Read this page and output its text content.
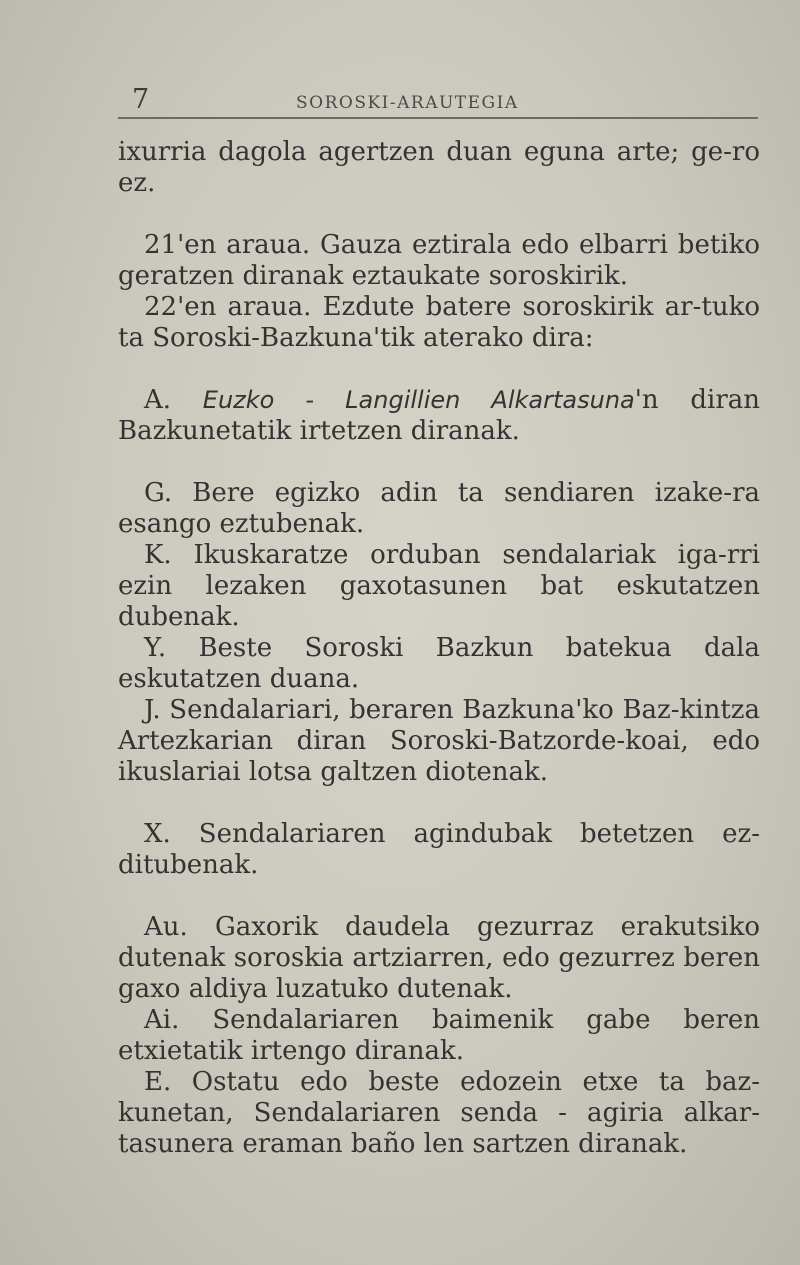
7	SOROSKI-ARAUTEGIA

ixurria dagola agertzen duan eguna arte; ge-ro ez.

21'en araua. Gauza eztirala edo elbarri betiko geratzen diranak eztaukate soroskirik.

22'en araua. Ezdute batere soroskirik ar-tuko ta Soroski-Bazkuna'tik aterako dira:

A. Euzko - Langillien Alkartasuna'n diran Bazkunetatik irtetzen diranak.

G. Bere egizko adin ta sendiaren izake-ra esango eztubenak.

K. Ikuskaratze orduban sendalariak iga-rri ezin lezaken gaxotasunen bat eskutatzen dubenak.

Y. Beste Soroski Bazkun batekua dala eskutatzen duana.

J. Sendalariari, beraren Bazkuna'ko Baz-kintza Artezkarian diran Soroski-Batzorde-koai, edo ikuslariai lotsa galtzen diotenak.

X. Sendalariaren agindubak betetzen ez-ditubenak.

Au. Gaxorik daudela gezurraz erakutsiko dutenak soroskia artziarren, edo gezurrez beren gaxo aldiya luzatuko dutenak.

Ai. Sendalariaren baimenik gabe beren etxietatik irtengo diranak.

E. Ostatu edo beste edozein etxe ta baz-kunetan, Sendalariaren senda - agiria alkar-tasunera eraman baño len sartzen diranak.
